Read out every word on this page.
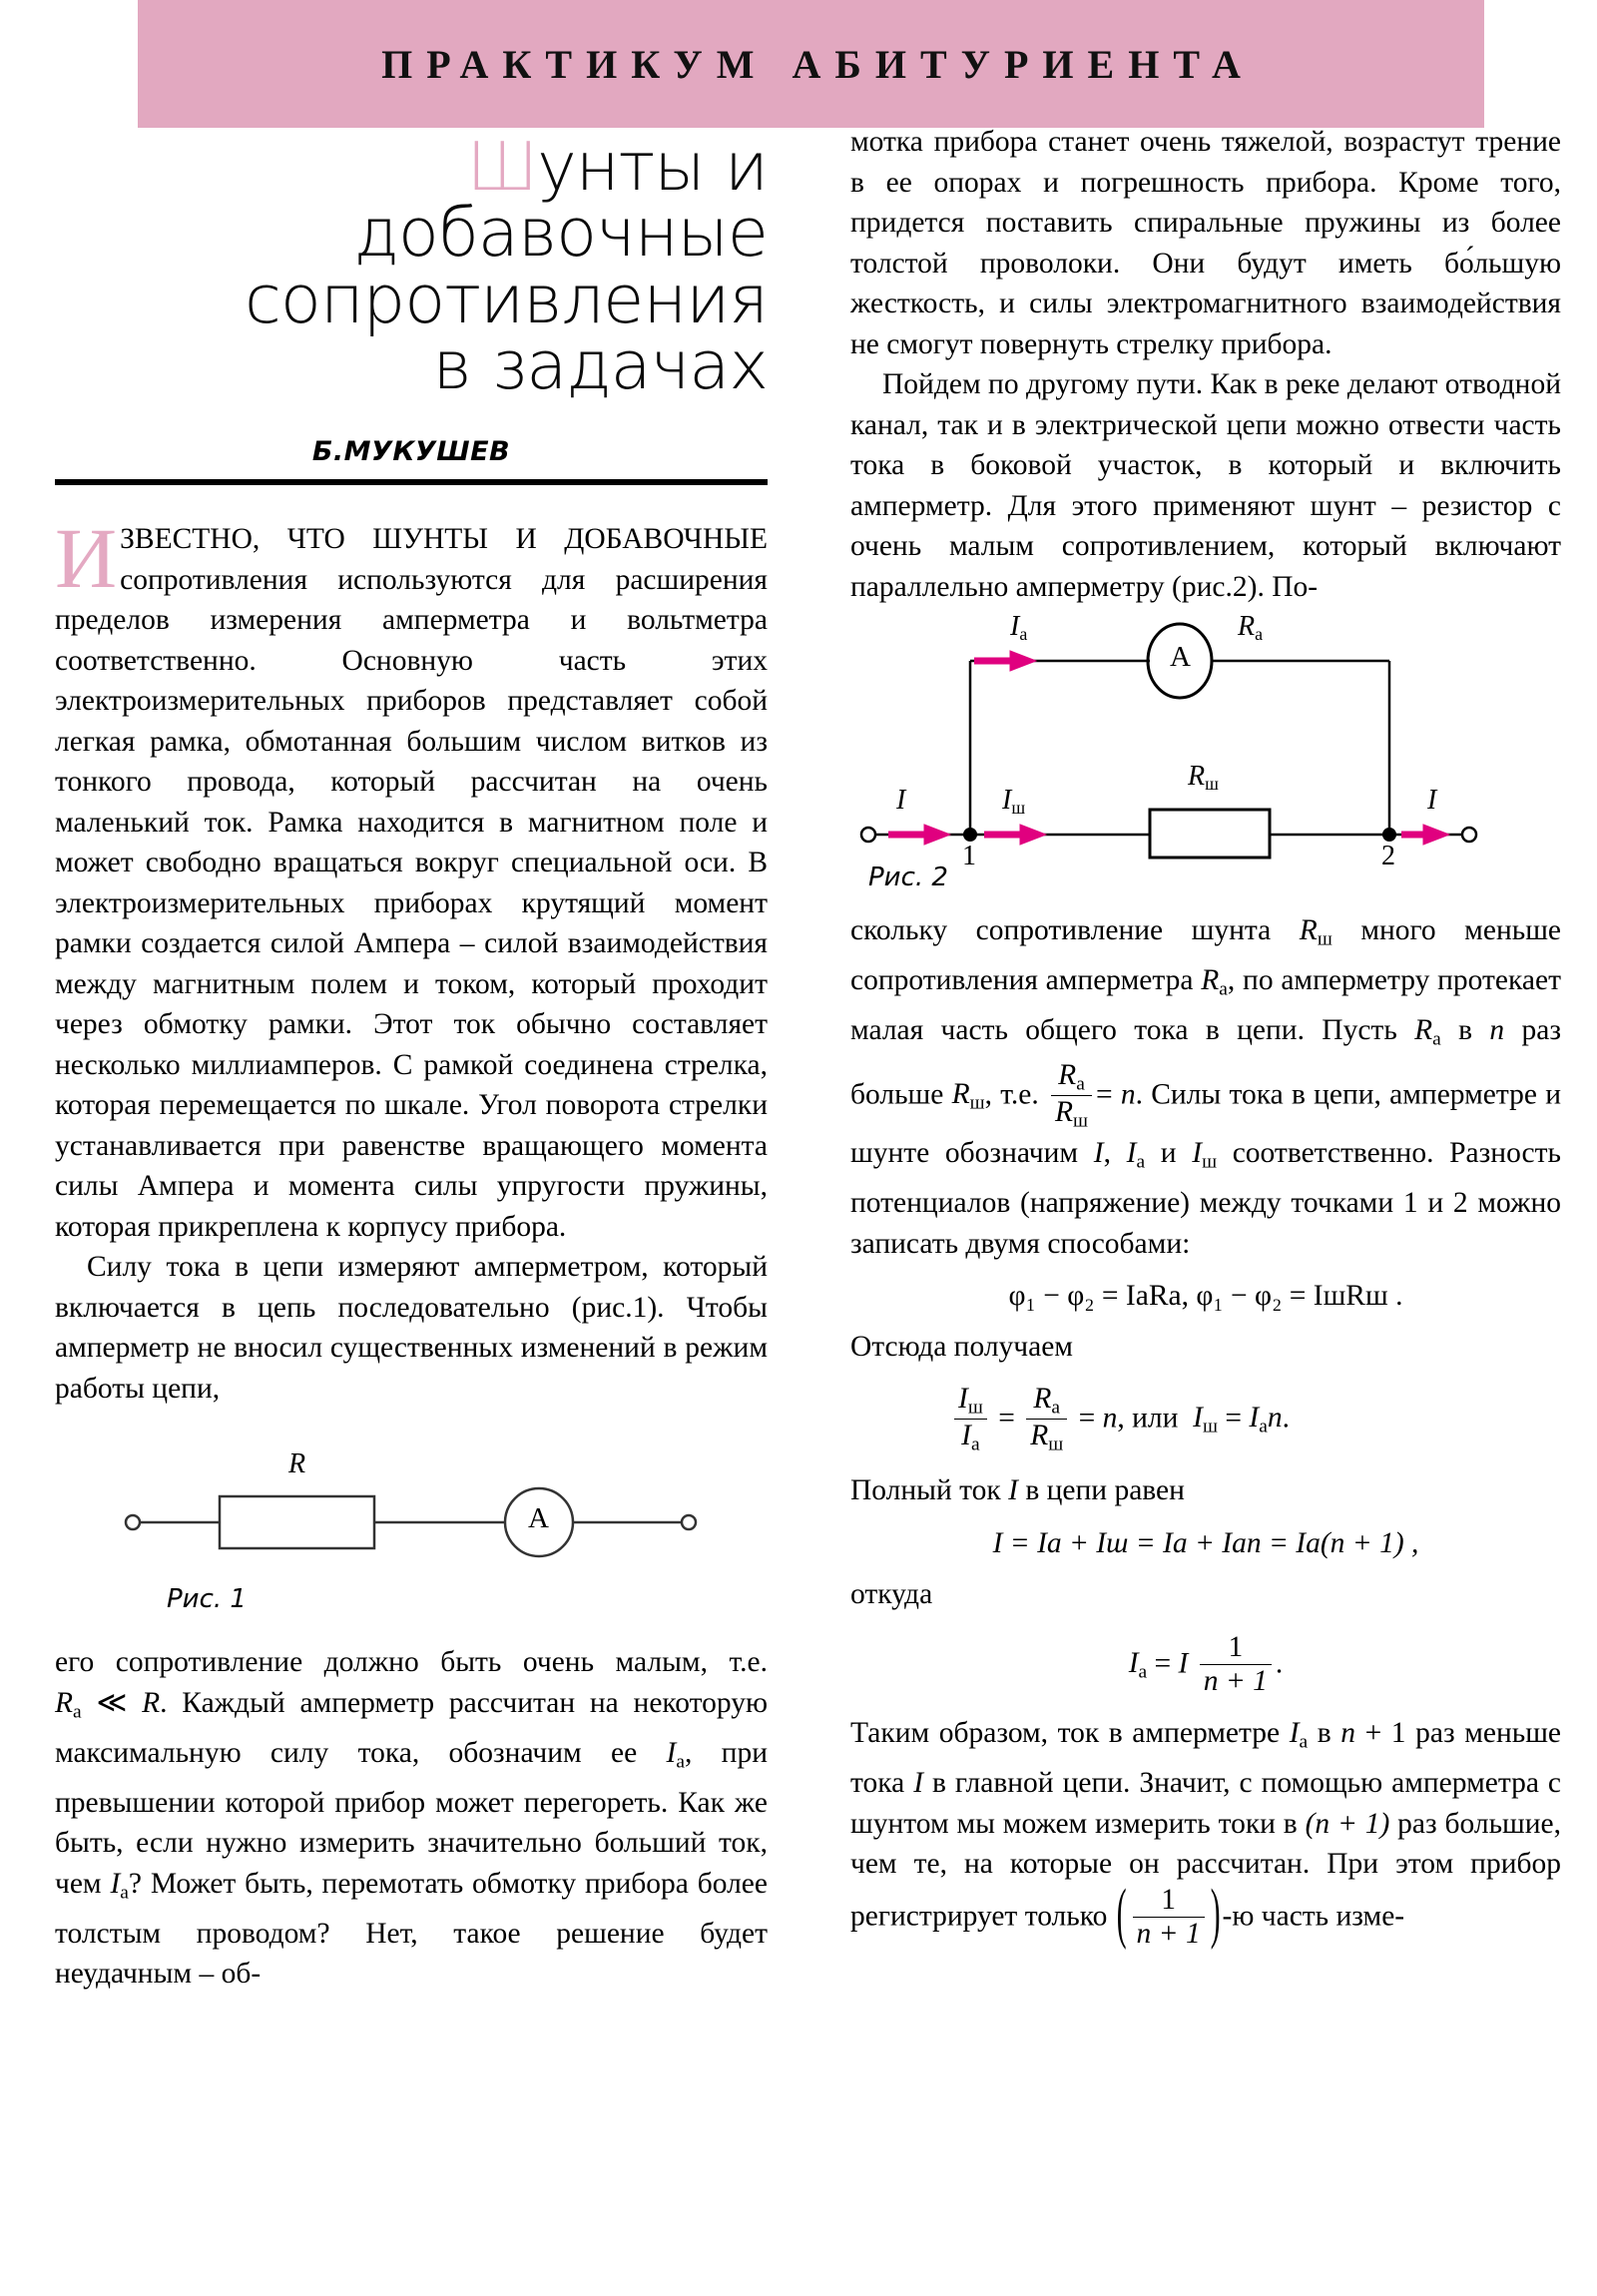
ПРАКТИКУМ АБИТУРИЕНТА
Шунты и
добавочные
сопротивления
в задачах
Б.МУКУШЕВ

ИЗВЕСТНО, ЧТО ШУНТЫ И ДОБАВОЧНЫЕ сопротивления используются для расширения пределов измерения амперметра и вольтметра соответственно. Основную часть этих электроизмерительных приборов представляет собой легкая рамка, обмотанная большим числом витков из тонкого провода, который рассчитан на очень маленький ток. Рамка находится в магнитном поле и может свободно вращаться вокруг специальной оси. В электроизмерительных приборах крутящий момент рамки создается силой Ампера – силой взаимодействия между магнитным полем и током, который проходит через обмотку рамки. Этот ток обычно составляет несколько миллиамперов. С рамкой соединена стрелка, которая перемещается по шкале. Угол поворота стрелки устанавливается при равенстве вращающего момента силы Ампера и момента силы упругости пружины, которая прикреплена к корпусу прибора.

Силу тока в цепи измеряют амперметром, который включается в цепь последовательно (рис.1). Чтобы амперметр не вносил существенных изменений в режим работы цепи,

R
A
Рис. 1

его сопротивление должно быть очень малым, т.е. $R_а$ ≪ R. Каждый амперметр рассчитан на некоторую максимальную силу тока, обозначим ее $I_а$, при превышении которой прибор может перегореть. Как же быть, если нужно измерить значительно больший ток, чем $I_а$? Может быть, перемотать обмотку прибора более толстым проводом? Нет, такое решение будет неудачным – об-

мотка прибора станет очень тяжелой, возрастут трение в ее опорах и погрешность прибора. Кроме того, придется поставить спиральные пружины из более толстой проволоки. Они будут иметь бо́льшую жесткость, и силы электромагнитного взаимодействия не смогут повернуть стрелку прибора.

Пойдем по другому пути. Как в реке делают отводной канал, так и в электрической цепи можно отвести часть тока в боковой участок, в который и включить амперметр. Для этого применяют шунт – резистор с очень малым сопротивлением, который включают параллельно амперметру (рис.2). По-

$I_а$	$R_а$
A
I	$I_ш$
$R_ш$
I
1	2
Рис. 2

скольку сопротивление шунта $R_ш$ много меньше сопротивления амперметра $R_а$, по амперметру протекает малая часть общего тока в цепи. Пусть $R_а$ в n раз больше $R_ш$, т.е. $\frac{R_а}{R_ш} = n$. Силы тока в цепи, амперметре и шунте обозначим I, $I_а$ и $I_ш$ соответственно. Разность потенциалов (напряжение) между точками 1 и 2 можно записать двумя способами:

φ₁ − φ₂ = IаRа, φ₁ − φ₂ = IшRш .

Отсюда получаем

$\frac{I_ш}{I_а} = \frac{R_а}{R_ш} = n$, или  $I_ш = I_аn$.

Полный ток I в цепи равен

I = Iа + Iш = Iа + Iаn = Iа(n + 1) ,

откуда

$I_а = I \frac{1}{n + 1}$ .

Таким образом, ток в амперметре $I_а$ в n + 1 раз меньше тока I в главной цепи. Значит, с помощью амперметра с шунтом мы можем измерить токи в (n + 1) раз большие, чем те, на которые он рассчитан. При этом прибор регистрирует только ( $\frac{1}{n + 1} )-ю$ часть изме-
